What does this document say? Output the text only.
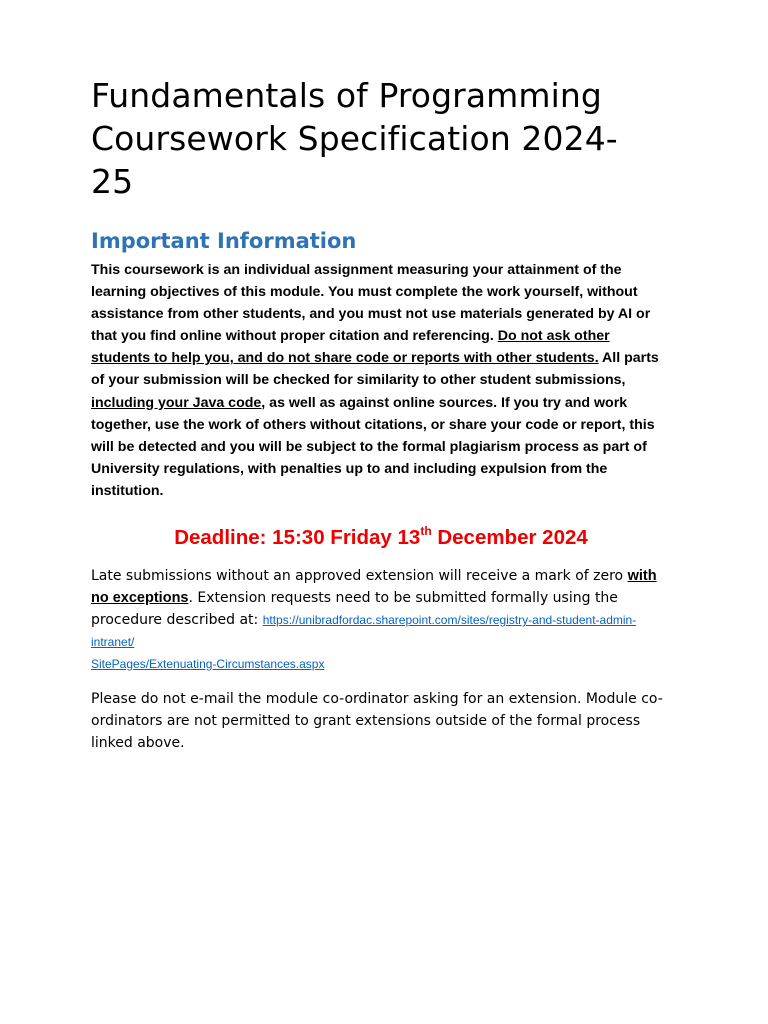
Fundamentals of Programming
Coursework Specification 2024-
25
Important Information

This coursework is an individual assignment measuring your attainment of the learning objectives of this module. You must complete the work yourself, without assistance from other students, and you must not use materials generated by AI or that you find online without proper citation and referencing. Do not ask other students to help you, and do not share code or reports with other students. All parts of your submission will be checked for similarity to other student submissions, including your Java code, as well as against online sources. If you try and work together, use the work of others without citations, or share your code or report, this will be detected and you will be subject to the formal plagiarism process as part of University regulations, with penalties up to and including expulsion from the institution.

Deadline: 15:30 Friday 13th December 2024

Late submissions without an approved extension will receive a mark of zero with no exceptions. Extension requests need to be submitted formally using the procedure described at: https://unibradfordac.sharepoint.com/sites/registry-and-student-admin-intranet/
SitePages/Extenuating-Circumstances.aspx

Please do not e-mail the module co-ordinator asking for an extension. Module co-ordinators are not permitted to grant extensions outside of the formal process linked above.
